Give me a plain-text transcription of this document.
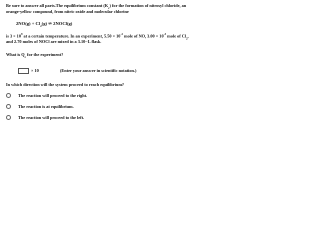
Be sure to answer all parts.The equilibrium constant $(K_c)$ for the formation of nitrosyl chloride, an
orange-yellow compound, from nitric oxide and molecular chlorine
$2NO(g) + Cl_2(g)$ ⇌ 2NOCl(g)
is $3 \times 10^9$ at a certain temperature. In an experiment, $5.50 \times 10^{-2}$ mole of NO, $3.00 \times 10^{-3}$ mole of $Cl_2$,
and 2.70 moles of NOCl are mixed in a 3.10−L flask.
What is $Q_c$ for the experiment?
× 10	(Enter your answer in scientific notation.)
In which direction will the system proceed to reach equilibrium?
The reaction will proceed to the right.
The reaction is at equilibrium.
The reaction will proceed to the left.
